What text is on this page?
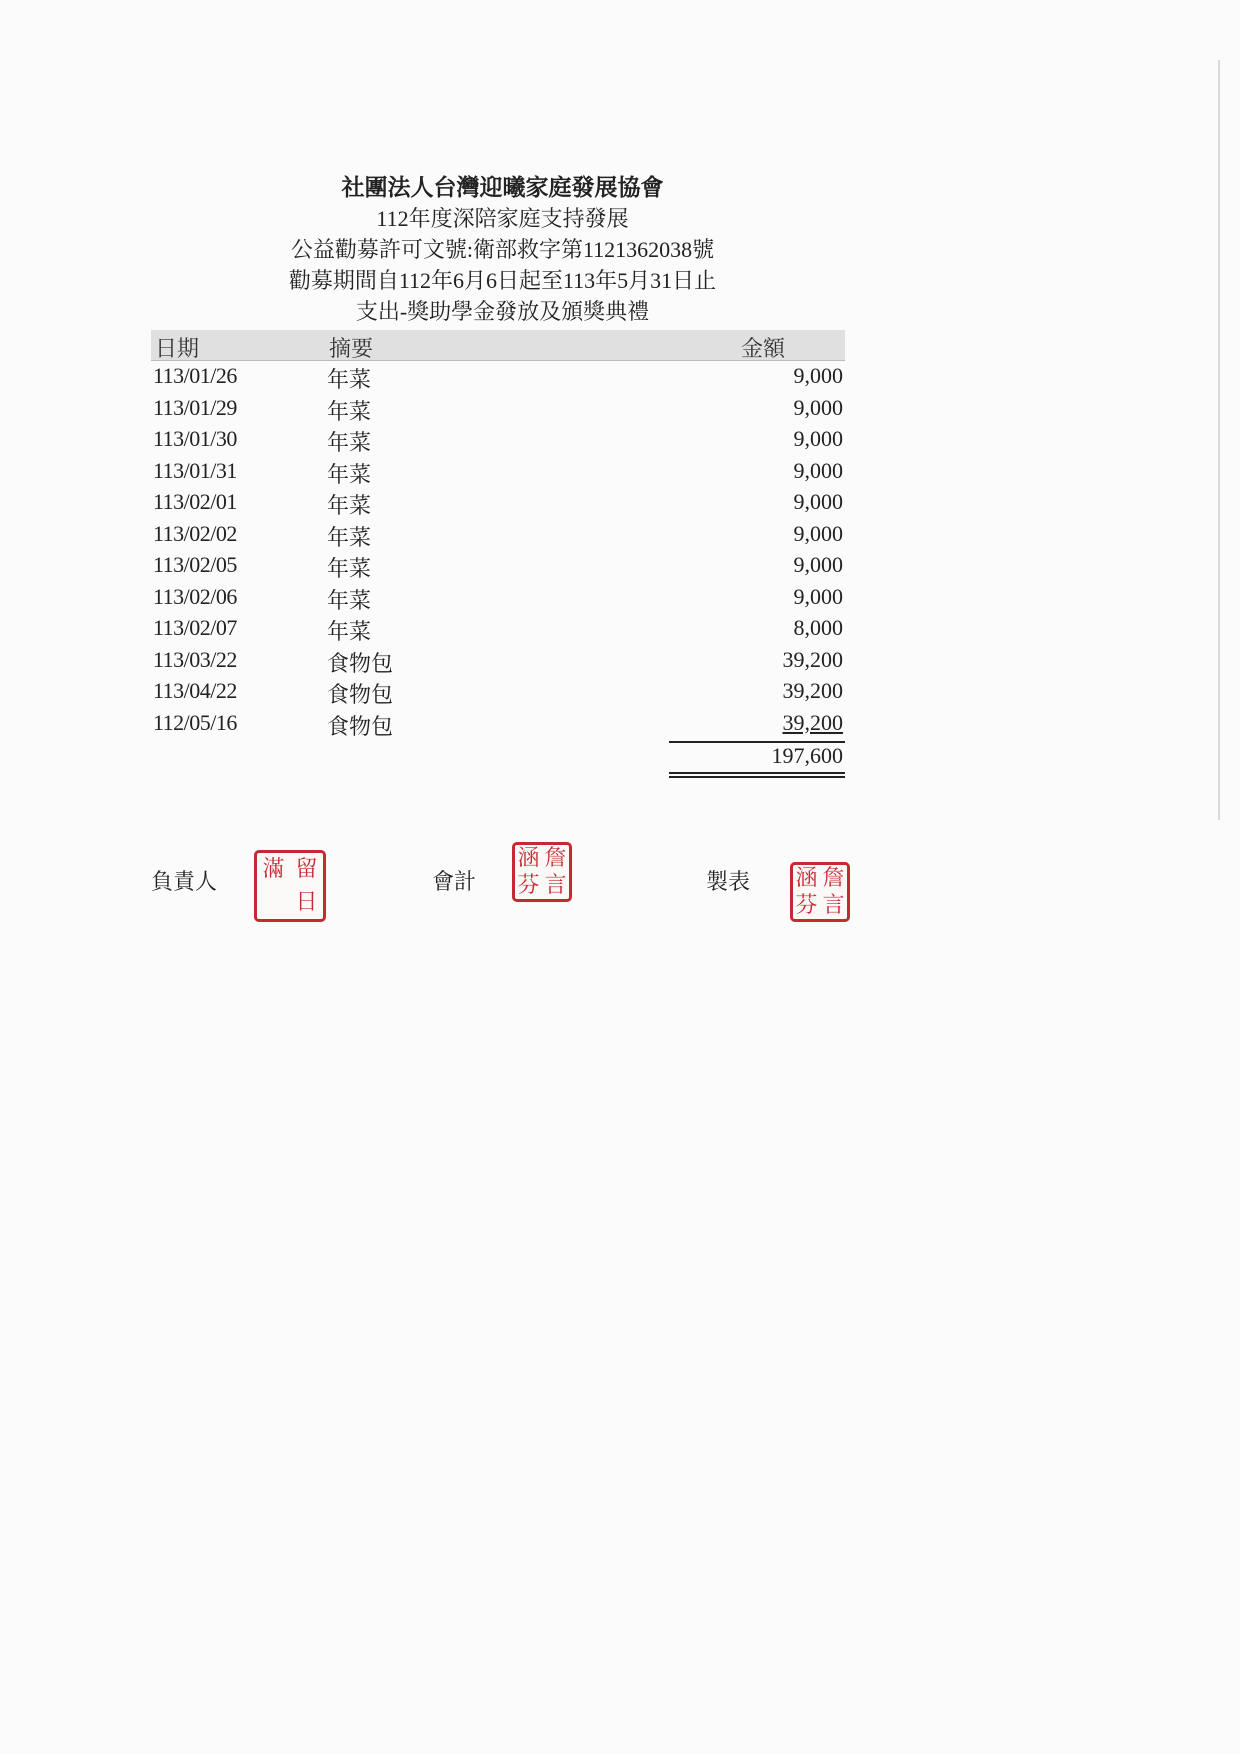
社團法人台灣迎曦家庭發展協會
112年度深陪家庭支持發展
公益勸募許可文號:衛部救字第1121362038號
勸募期間自112年6月6日起至113年5月31日止
支出-獎助學金發放及頒獎典禮
日期	摘要	金額
113/01/26	年菜	9,000
113/01/29	年菜	9,000
113/01/30	年菜	9,000
113/01/31	年菜	9,000
113/02/01	年菜	9,000
113/02/02	年菜	9,000
113/02/05	年菜	9,000
113/02/06	年菜	9,000
113/02/07	年菜	8,000
113/03/22	食物包	39,200
113/04/22	食物包	39,200
112/05/16	食物包	39,200
197,600
負責人
滿 留
日
會計
涵 詹
芬 言	製表 涵 詹
芬 言
